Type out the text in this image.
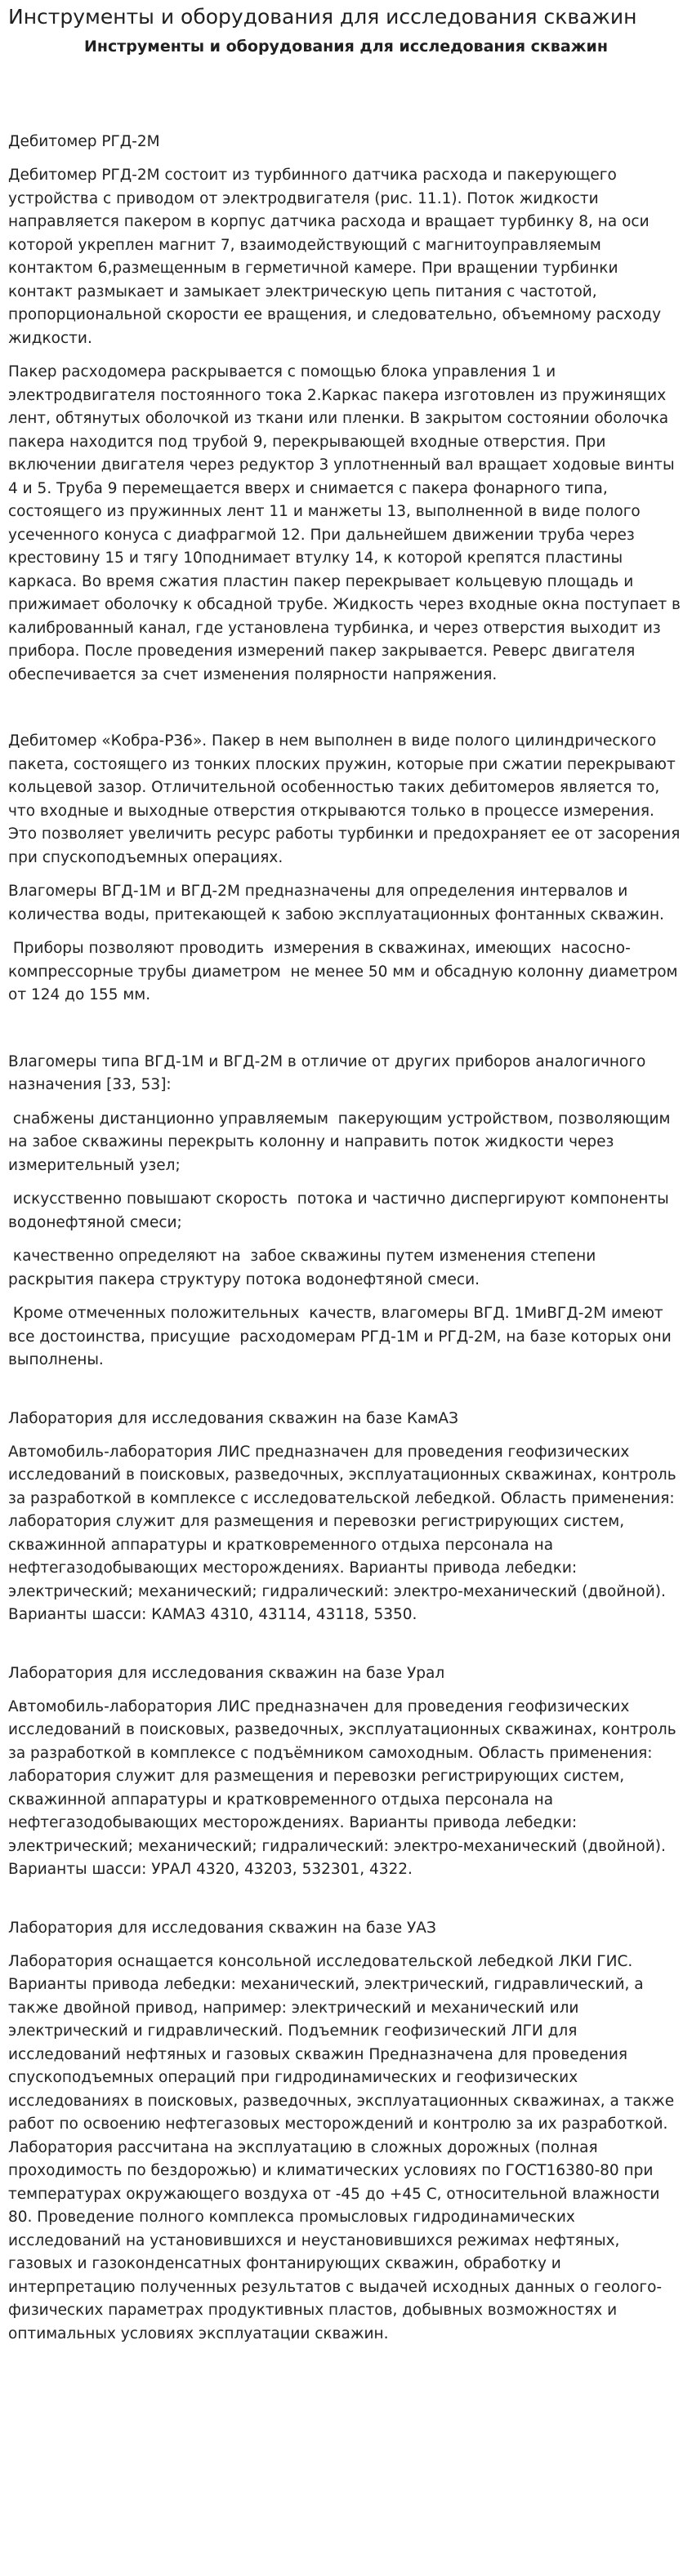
Инструменты и оборудования для исследования скважин
Инструменты и оборудования для исследования скважин
Дебитомер РГД-2М

Дебитомер РГД-2М состоит из турбинного датчика расхода и пакерующего устройства с приводом от электродвигателя (рис. 11.1). Поток жидкости направляется пакером в корпус датчика расхода и вращает турбинку 8, на оси которой укреплен магнит 7, взаимодействующий с магнитоуправляемым контактом 6,размещенным в герметичной камере. При вращении турбинки контакт размыкает и замыкает электрическую цепь питания с частотой, пропорциональной скорости ее вращения, и следовательно, объемному расходу жидкости.

Пакер расходомера раскрывается с помощью блока управления 1 и электродвигателя постоянного тока 2.Каркас пакера изготовлен из пружинящих лент, обтянутых оболочкой из ткани или пленки. В закрытом состоянии оболочка пакера находится под трубой 9, перекрывающей входные отверстия. При включении двигателя через редуктор 3 уплотненный вал вращает ходовые винты 4 и 5. Труба 9 перемещается вверх и снимается с пакера фонарного типа, состоящего из пружинных лент 11 и манжеты 13, выполненной в виде полого усеченного конуса с диафрагмой 12. При дальнейшем движении труба через крестовину 15 и тягу 10поднимает втулку 14, к которой крепятся пластины каркаса. Во время сжатия пластин пакер перекрывает кольцевую площадь и прижимает оболочку к обсадной трубе. Жидкость через входные окна поступает в калиброванный канал, где установлена турбинка, и через отверстия выходит из прибора. После проведения измерений пакер закрывается. Реверс двигателя обеспечивается за счет изменения полярности напряжения.

Дебитомер «Кобра-Р36». Пакер в нем выполнен в виде полого цилиндрического пакета, состоящего из тонких плоских пружин, которые при сжатии перекрывают кольцевой зазор. Отличительной особенностью таких дебитомеров является то, что входные и выходные отверстия открываются только в процессе измерения. Это позволяет увеличить ресурс работы турбинки и предохраняет ее от засорения при спускоподъемных операциях.

Влагомеры ВГД-1М и ВГД-2М предназначены для определения интервалов и количества воды, притекающей к забою эксплуатационных фонтанных скважин.

Приборы позволяют проводить  измерения в скважинах, имеющих  насосно-компрессорные трубы диаметром  не менее 50 мм и обсадную колонну диаметром от 124 до 155 мм.

Влагомеры типа ВГД-1М и ВГД-2М в отличие от других приборов аналогичного назначения [33, 53]:

снабжены дистанционно управляемым  пакерующим устройством, позволяющим на забое скважины перекрыть колонну и направить поток жидкости через измерительный узел;

искусственно повышают скорость  потока и частично диспергируют компоненты водонефтяной смеси;

качественно определяют на  забое скважины путем изменения степени раскрытия пакера структуру потока водонефтяной смеси.

Кроме отмеченных положительных  качеств, влагомеры ВГД. 1МиВГД-2М имеют все достоинства, присущие  расходомерам РГД-1М и РГД-2М, на базе которых они выполнены.

Лаборатория для исследования скважин на базе КамАЗ

Автомобиль-лаборатория ЛИС предназначен для проведения геофизических исследований в поисковых, разведочных, эксплуатационных скважинах, контроль за разработкой в комплексе с исследовательской лебедкой. Область применения: лаборатория служит для размещения и перевозки регистрирующих систем, скважинной аппаратуры и кратковременного отдыха персонала на нефтегазодобывающих месторождениях. Варианты привода лебедки: электрический; механический; гидралический: электро-механический (двойной). Варианты шасси: КАМАЗ 4310, 43114, 43118, 5350.

Лаборатория для исследования скважин на базе Урал

Автомобиль-лаборатория ЛИС предназначен для проведения геофизических исследований в поисковых, разведочных, эксплуатационных скважинах, контроль за разработкой в комплексе с подъёмником самоходным. Область применения: лаборатория служит для размещения и перевозки регистрирующих систем, скважинной аппаратуры и кратковременного отдыха персонала на нефтегазодобывающих месторождениях. Варианты привода лебедки: электрический; механический; гидралический: электро-механический (двойной). Варианты шасси: УРАЛ 4320, 43203, 532301, 4322.

Лаборатория для исследования скважин на базе УАЗ

Лаборатория оснащается консольной исследовательской лебедкой ЛКИ ГИС. Варианты привода лебедки: механический, электрический, гидравлический, а также двойной привод, например: электрический и механический или электрический и гидравлический. Подъемник геофизический ЛГИ для исследований нефтяных и газовых скважин Предназначена для проведения спускоподъемных операций при гидродинамических и геофизических исследованиях в поисковых, разведочных, эксплуатационных скважинах, а также работ по освоению нефтегазовых месторождений и контролю за их разработкой. Лаборатория рассчитана на эксплуатацию в сложных дорожных (полная проходимость по бездорожью) и климатических условиях по ГОСТ16380-80 при температурах окружающего воздуха от -45 до +45 С, относительной влажности 80. Проведение полного комплекса промысловых гидродинамических исследований на установившихся и неустановившихся режимах нефтяных, газовых и газоконденсатных фонтанирующих скважин, обработку и интерпретацию полученных результатов с выдачей исходных данных о геолого-физических параметрах продуктивных пластов, добывных возможностях и оптимальных условиях эксплуатации скважин.
